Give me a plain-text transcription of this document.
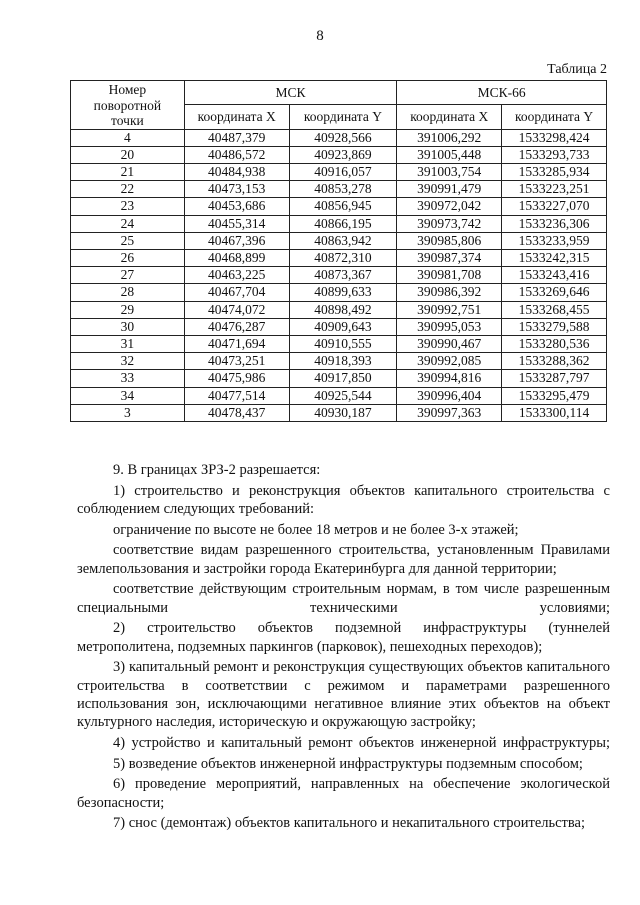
8
Таблица 2
Номер
поворотной
точки	МСК		МСК-66	
	координата X	координата Y	координата X	координата Y
4	40487,379	40928,566	391006,292	1533298,424
20	40486,572	40923,869	391005,448	1533293,733
21	40484,938	40916,057	391003,754	1533285,934
22	40473,153	40853,278	390991,479	1533223,251
23	40453,686	40856,945	390972,042	1533227,070
24	40455,314	40866,195	390973,742	1533236,306
25	40467,396	40863,942	390985,806	1533233,959
26	40468,899	40872,310	390987,374	1533242,315
27	40463,225	40873,367	390981,708	1533243,416
28	40467,704	40899,633	390986,392	1533269,646
29	40474,072	40898,492	390992,751	1533268,455
30	40476,287	40909,643	390995,053	1533279,588
31	40471,694	40910,555	390990,467	1533280,536
32	40473,251	40918,393	390992,085	1533288,362
33	40475,986	40917,850	390994,816	1533287,797
34	40477,514	40925,544	390996,404	1533295,479
3	40478,437	40930,187	390997,363	1533300,114

9. В границах ЗРЗ-2 разрешается:

1) строительство и реконструкция объектов капитального строительства с соблюдением следующих требований:

ограничение по высоте не более 18 метров и не более 3-х этажей;

соответствие видам разрешенного строительства, установленным Правилами землепользования и застройки города Екатеринбурга для данной территории;

соответствие действующим строительным нормам, в том числе разрешенным специальными техническими условиями;

2) строительство объектов подземной инфраструктуры (туннелей метрополитена, подземных паркингов (парковок), пешеходных переходов);

3) капитальный ремонт и реконструкция существующих объектов капитального строительства в соответствии с режимом и параметрами разрешенного использования зон, исключающими негативное влияние этих объектов на объект культурного наследия, историческую и окружающую застройку;

4) устройство и капитальный ремонт объектов инженерной инфраструктуры;

5) возведение объектов инженерной инфраструктуры подземным способом;

6) проведение мероприятий, направленных на обеспечение экологической безопасности;

7) снос (демонтаж) объектов капитального и некапитального строительства;
